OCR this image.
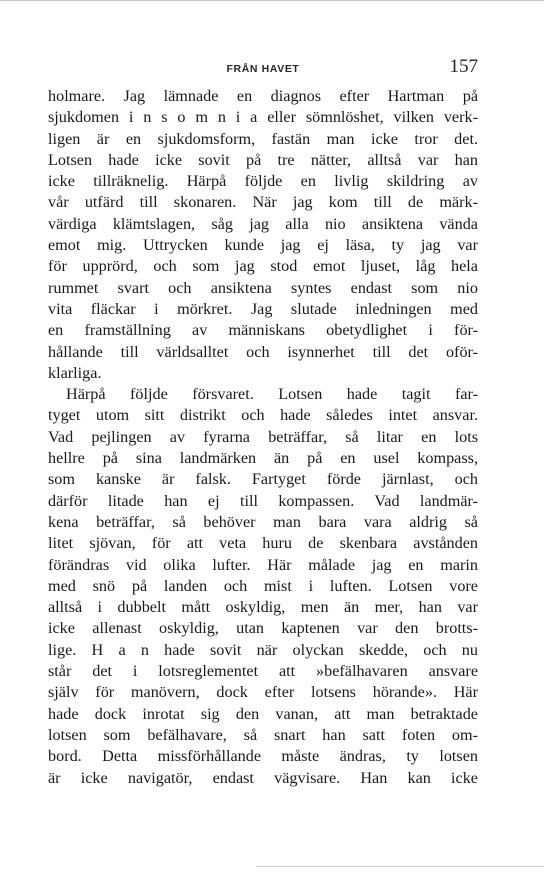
FRÅN HAVET	157
holmare. Jag lämnade en diagnos efter Hartman på
sjukdomen i n s o m n i a eller sömnlöshet, vilken verk-
ligen är en sjukdomsform, fastän man icke tror det.
Lotsen hade icke sovit på tre nätter, alltså var han
icke tillräknelig. Härpå följde en livlig skildring av
vår utfärd till skonaren. När jag kom till de märk-
värdiga klämtslagen, såg jag alla nio ansiktena vända
emot mig. Uttrycken kunde jag ej läsa, ty jag var
för upprörd, och som jag stod emot ljuset, låg hela
rummet svart och ansiktena syntes endast som nio
vita fläckar i mörkret. Jag slutade inledningen med
en framställning av människans obetydlighet i för-
hållande till världsalltet och isynnerhet till det oför-
klarliga.
Härpå följde försvaret. Lotsen hade tagit far-
tyget utom sitt distrikt och hade således intet ansvar.
Vad pejlingen av fyrarna beträffar, så litar en lots
hellre på sina landmärken än på en usel kompass,
som kanske är falsk. Fartyget förde järnlast, och
därför litade han ej till kompassen. Vad landmär-
kena beträffar, så behöver man bara vara aldrig så
litet sjövan, för att veta huru de skenbara avstånden
förändras vid olika lufter. Här målade jag en marin
med snö på landen och mist i luften. Lotsen vore
alltså i dubbelt mått oskyldig, men än mer, han var
icke allenast oskyldig, utan kaptenen var den brotts-
lige. H a n hade sovit när olyckan skedde, och nu
står det i lotsreglementet att »befälhavaren ansvare
själv för manövern, dock efter lotsens hörande». Här
hade dock inrotat sig den vanan, att man betraktade
lotsen som befälhavare, så snart han satt foten om-
bord. Detta missförhållande måste ändras, ty lotsen
är icke navigatör, endast vägvisare. Han kan icke
